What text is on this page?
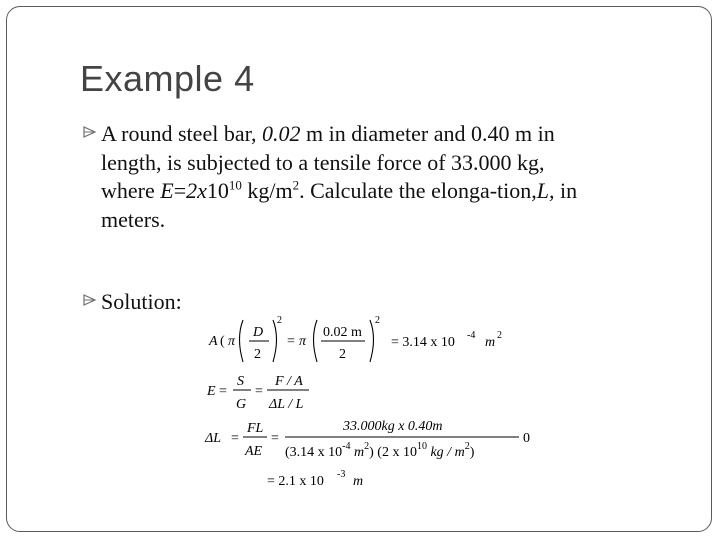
Example 4
A round steel bar, 0.02 m in diameter and 0.40 m in
length, is subjected to a tensile force of 33.000 kg,
where $E=2x10^{10}$ $kg/m^2$. Calculate the elonga-tion,L, in
meters.
Solution:
A ( π
D
2
2
= π
0.02 m
2
2
= 3.14 x 10 -4 m 2
E =
S
G
=
F / A
ΔL / L
ΔL =
FL
AE
=
33.000kg x 0.40m
(3.14 x $10^{-4}$ $m^2$) (2 x $10^{10}$ kg / $m^2$)
0
= 2.1 x 10 -3 m
